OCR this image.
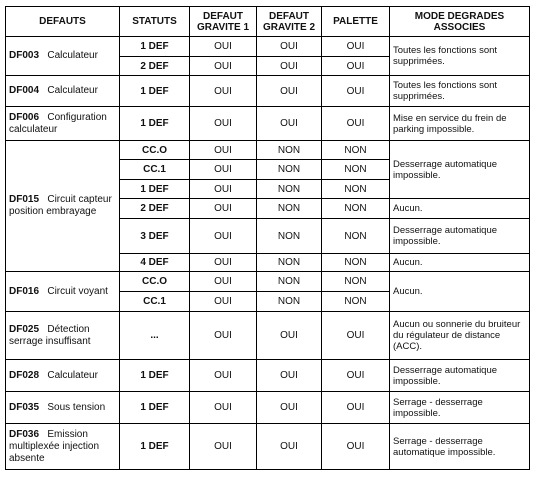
DEFAUTS	STATUTS	DEFAUT GRAVITE 1	DEFAUT GRAVITE 2	PALETTE	MODE DEGRADES ASSOCIES
DF003 Calculateur	1 DEF	OUI	OUI	OUI	Toutes les fonctions sont supprimées.
	2 DEF	OUI	OUI	OUI	
DF004 Calculateur	1 DEF	OUI	OUI	OUI	Toutes les fonctions sont supprimées.
DF006 Configuration calculateur	1 DEF	OUI	OUI	OUI	Mise en service du frein de parking impossible.
DF015 Circuit capteur position embrayage	CC.O	OUI	NON	NON	Desserrage automatique impossible.
	CC.1	OUI	NON	NON	
	1 DEF	OUI	NON	NON	
	2 DEF	OUI	NON	NON	Aucun.
	3 DEF	OUI	NON	NON	Desserrage automatique impossible.
	4 DEF	OUI	NON	NON	Aucun.
DF016 Circuit voyant	CC.O	OUI	NON	NON	Aucun.
	CC.1	OUI	NON	NON	
DF025 Détection serrage insuffisant	...	OUI	OUI	OUI	Aucun ou sonnerie du bruiteur du régulateur de distance (ACC).
DF028 Calculateur	1 DEF	OUI	OUI	OUI	Desserrage automatique impossible.
DF035 Sous tension	1 DEF	OUI	OUI	OUI	Serrage - desserrage impossible.
DF036 Emission multiplexée injection absente	1 DEF	OUI	OUI	OUI	Serrage - desserrage automatique impossible.
